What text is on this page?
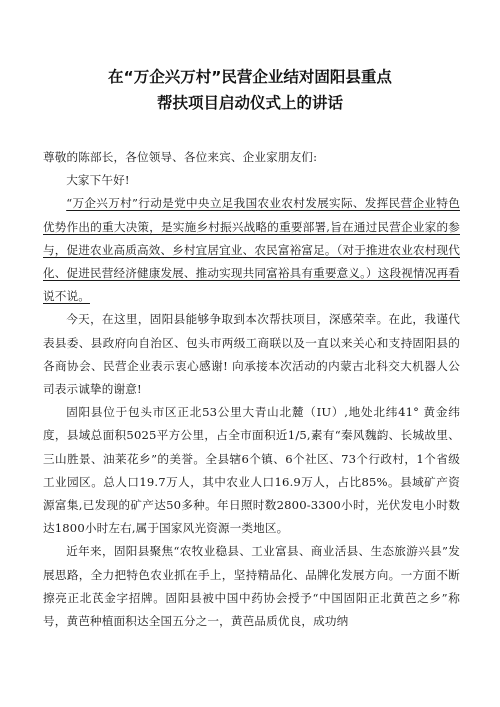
在“万企兴万村”民营企业结对固阳县重点
帮扶项目启动仪式上的讲话

尊敬的陈部长，各位领导、各位来宾、企业家朋友们:

大家下午好!

“万企兴万村”行动是党中央立足我国农业农村发展实际、发挥民营企业特色优势作出的重大决策，是实施乡村振兴战略的重要部署,旨在通过民营企业家的参与，促进农业高质高效、乡村宜居宜业、农民富裕富足。（对于推进农业农村现代化、促进民营经济健康发展、推动实现共同富裕具有重要意义。）这段视情况再看说不说。

今天，在这里，固阳县能够争取到本次帮扶项目，深感荣幸。在此，我谨代表县委、县政府向自治区、包头市两级工商联以及一直以来关心和支持固阳县的各商协会、民营企业表示衷心感谢! 向承接本次活动的内蒙古北科交大机器人公司表示诚挚的谢意!

固阳县位于包头市区正北53公里大青山北麓（IU）,地处北纬41° 黄金纬度，县域总面积5025平方公里，占全市面积近1/5,素有“秦风魏韵、长城故里、三山胜景、油莱花乡”的美誉。全县辖6个镇、6个社区、73个行政村，1个省级工业园区。总人口19.7万人，其中农业人口16.9万人，占比85%。县域矿产资源富集,已发现的矿产达50多种。年日照时数2800-3300小时，光伏发电小时数达1800小时左右,属于国家风光资源一类地区。

近年来，固阳县聚焦“农牧业稳县、工业富县、商业活县、生态旅游兴县”发展思路，全力把特色农业抓在手上，坚持精品化、品牌化发展方向。一方面不断擦亮正北芪金字招牌。固阳县被中国中药协会授予“中国固阳正北黄芭之乡”称号，黄芭种植面积达全国五分之一，黄芭品质优良，成功纳
